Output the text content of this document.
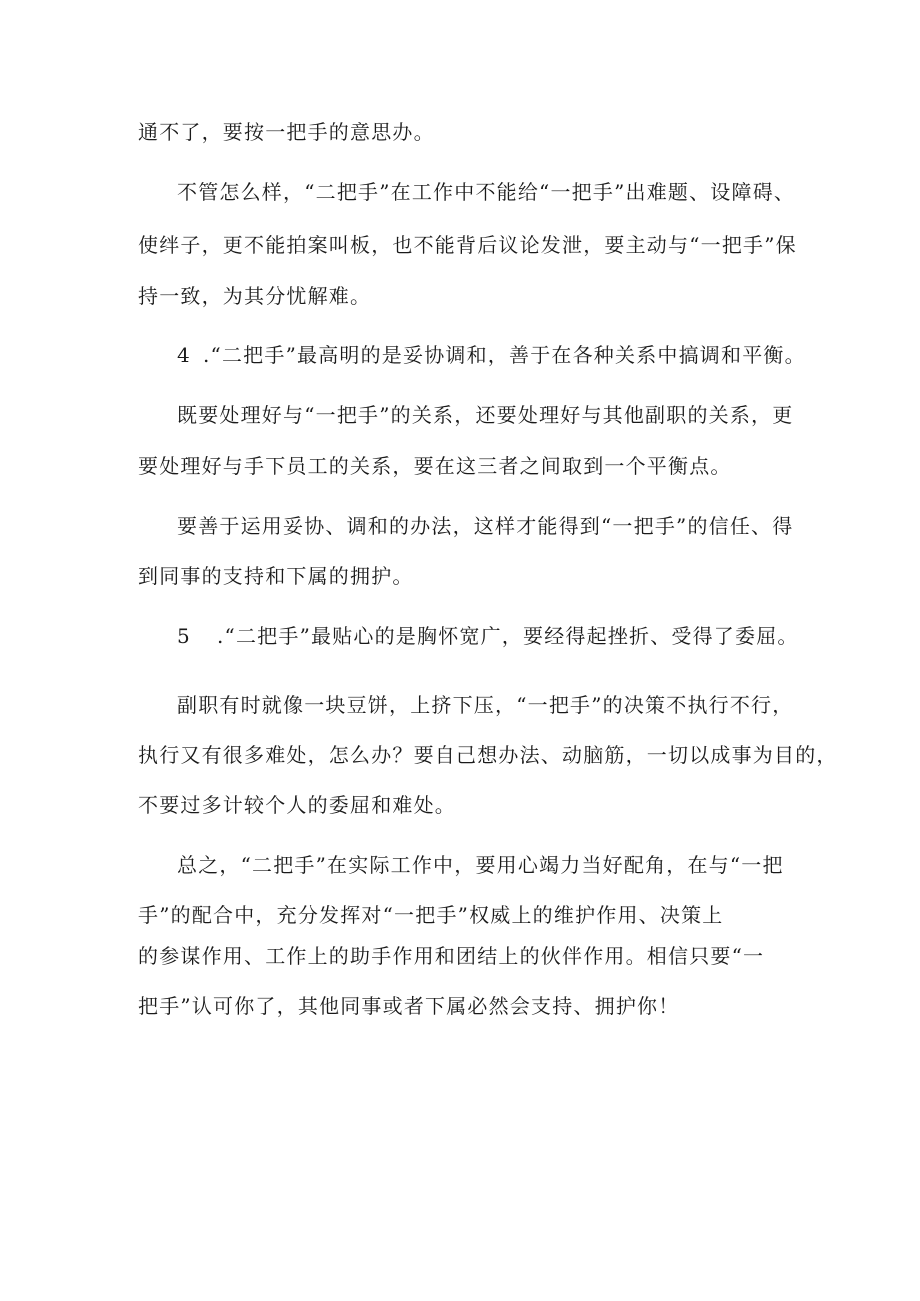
通不了，要按一把手的意思办。
不管怎么样，“二把手”在工作中不能给“一把手”出难题、设障碍、
使绊子，更不能拍案叫板，也不能背后议论发泄，要主动与“一把手”保
持一致，为其分忧解难。
4 .“二把手”最高明的是妥协调和，善于在各种关系中搞调和平衡。
既要处理好与“一把手”的关系，还要处理好与其他副职的关系，更
要处理好与手下员工的关系，要在这三者之间取到一个平衡点。
要善于运用妥协、调和的办法，这样才能得到“一把手”的信任、得
到同事的支持和下属的拥护。
5 .“二把手”最贴心的是胸怀宽广，要经得起挫折、受得了委屈。
副职有时就像一块豆饼，上挤下压，“一把手”的决策不执行不行，
执行又有很多难处，怎么办？要自己想办法、动脑筋，一切以成事为目的，
不要过多计较个人的委屈和难处。
总之，“二把手”在实际工作中，要用心竭力当好配角，在与“一把
手”的配合中，充分发挥对“一把手”权威上的维护作用、决策上
的参谋作用、工作上的助手作用和团结上的伙伴作用。相信只要“一
把手”认可你了，其他同事或者下属必然会支持、拥护你！
